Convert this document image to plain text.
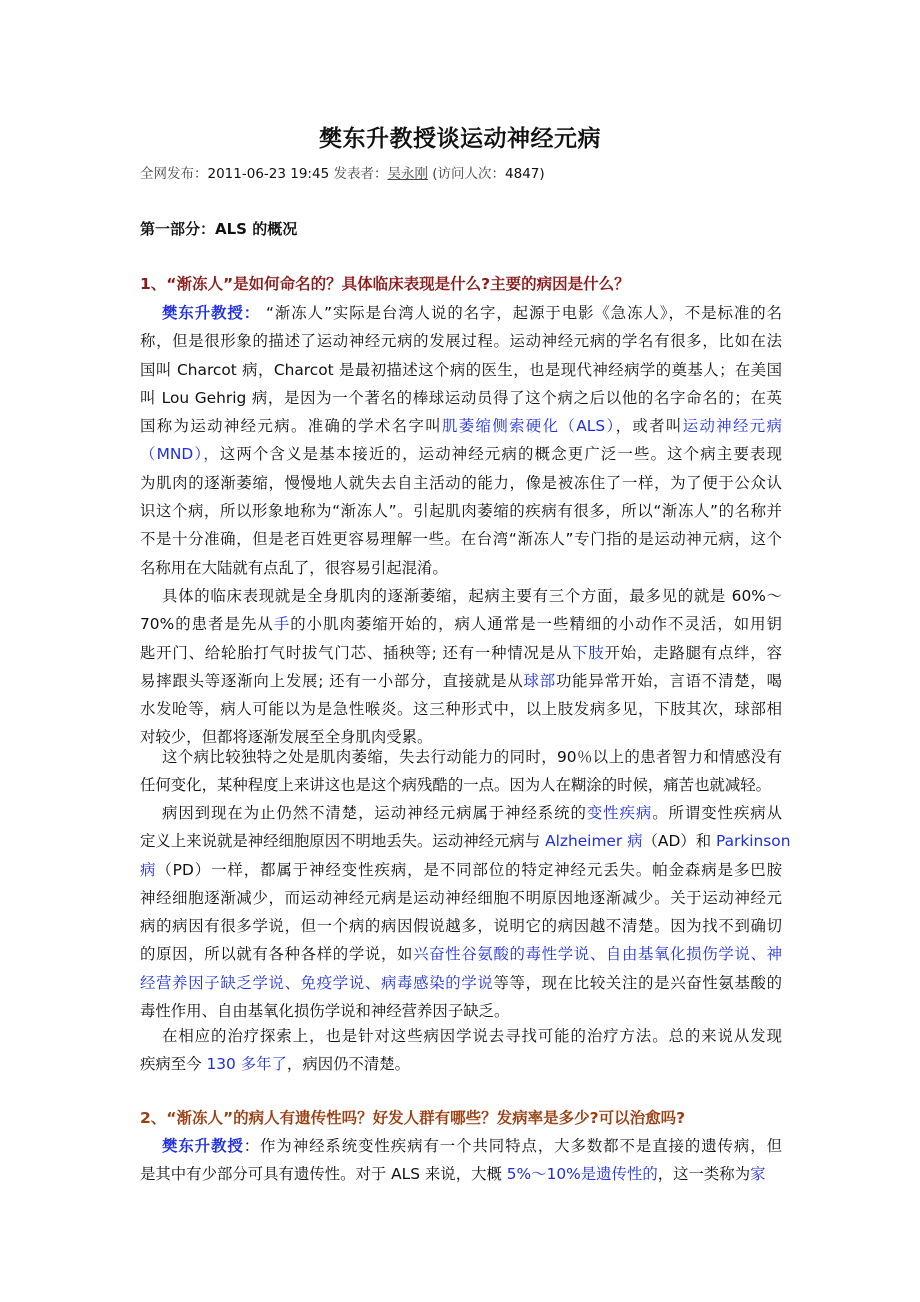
樊东升教授谈运动神经元病
全网发布：2011-06-23 19:45 发表者：吴永刚 (访问人次：4847)
第一部分：ALS 的概况
1、“渐冻人”是如何命名的？具体临床表现是什么?主要的病因是什么？
2、“渐冻人”的病人有遗传性吗？好发人群有哪些？发病率是多少?可以治愈吗?
樊东升教授： “渐冻人”实际是台湾人说的名字，起源于电影《急冻人》，不是标准的名
称，但是很形象的描述了运动神经元病的发展过程。运动神经元病的学名有很多，比如在法
国叫 Charcot 病，Charcot 是最初描述这个病的医生，也是现代神经病学的奠基人；在美国
叫 Lou Gehrig 病，是因为一个著名的棒球运动员得了这个病之后以他的名字命名的；在英
国称为运动神经元病。准确的学术名字叫肌萎缩侧索硬化（ALS），或者叫运动神经元病
（MND），这两个含义是基本接近的，运动神经元病的概念更广泛一些。这个病主要表现
为肌肉的逐渐萎缩，慢慢地人就失去自主活动的能力，像是被冻住了一样，为了便于公众认
识这个病，所以形象地称为“渐冻人”。引起肌肉萎缩的疾病有很多，所以“渐冻人”的名称并
不是十分准确，但是老百姓更容易理解一些。在台湾“渐冻人”专门指的是运动神元病，这个
名称用在大陆就有点乱了，很容易引起混淆。
具体的临床表现就是全身肌肉的逐渐萎缩，起病主要有三个方面，最多见的就是 60%～
70%的患者是先从手的小肌肉萎缩开始的，病人通常是一些精细的小动作不灵活，如用钥
匙开门、给轮胎打气时拔气门芯、插秧等; 还有一种情况是从下肢开始，走路腿有点绊，容
易摔跟头等逐渐向上发展; 还有一小部分，直接就是从球部功能异常开始，言语不清楚，喝
水发呛等，病人可能以为是急性喉炎。这三种形式中，以上肢发病多见，下肢其次，球部相
对较少，但都将逐渐发展至全身肌肉受累。
这个病比较独特之处是肌肉萎缩，失去行动能力的同时，90％以上的患者智力和情感没有
任何变化，某种程度上来讲这也是这个病残酷的一点。因为人在糊涂的时候，痛苦也就减轻。
病因到现在为止仍然不清楚，运动神经元病属于神经系统的变性疾病。所谓变性疾病从
定义上来说就是神经细胞原因不明地丢失。运动神经元病与 Alzheimer 病（AD）和 Parkinson
病（PD）一样，都属于神经变性疾病，是不同部位的特定神经元丢失。帕金森病是多巴胺
神经细胞逐渐减少，而运动神经元病是运动神经细胞不明原因地逐渐减少。关于运动神经元
病的病因有很多学说，但一个病的病因假说越多，说明它的病因越不清楚。因为找不到确切
的原因，所以就有各种各样的学说，如兴奋性谷氨酸的毒性学说、自由基氧化损伤学说、神
经营养因子缺乏学说、免疫学说、病毒感染的学说等等，现在比较关注的是兴奋性氨基酸的
毒性作用、自由基氧化损伤学说和神经营养因子缺乏。
在相应的治疗探索上，也是针对这些病因学说去寻找可能的治疗方法。总的来说从发现
疾病至今 130 多年了，病因仍不清楚。
樊东升教授：作为神经系统变性疾病有一个共同特点，大多数都不是直接的遗传病，但
是其中有少部分可具有遗传性。对于 ALS 来说，大概 5%～10%是遗传性的，这一类称为家
